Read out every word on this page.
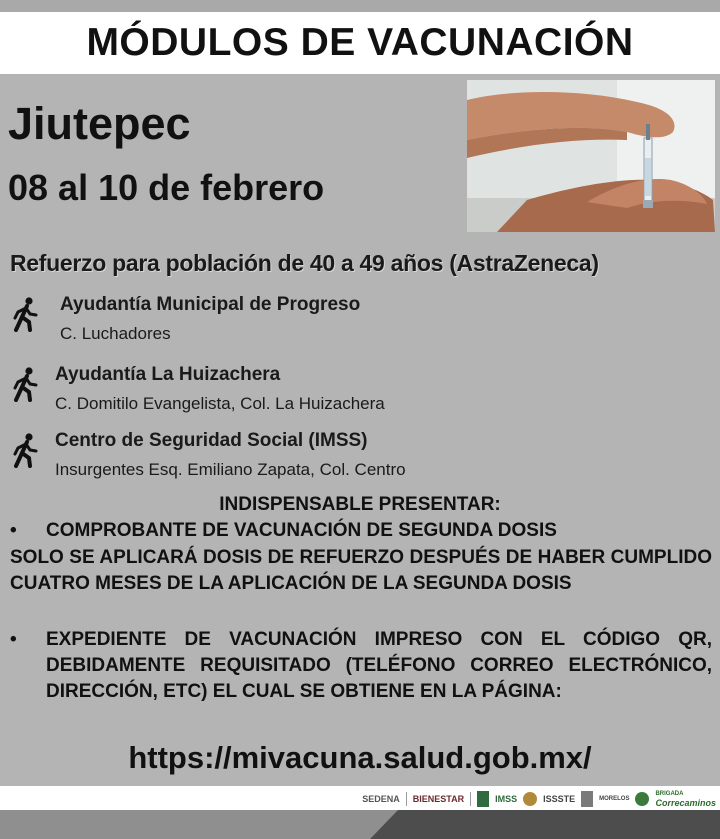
MÓDULOS DE VACUNACIÓN
Jiutepec
08 al 10 de febrero
Refuerzo para población de 40 a 49 años (AstraZeneca)
Ayudantía Municipal de Progreso
C. Luchadores
Ayudantía La Huizachera
C. Domitilo Evangelista, Col. La Huizachera
Centro de Seguridad Social (IMSS)
Insurgentes Esq. Emiliano Zapata, Col. Centro
INDISPENSABLE PRESENTAR:
• COMPROBANTE DE VACUNACIÓN DE SEGUNDA DOSIS
SOLO SE APLICARÁ DOSIS DE REFUERZO DESPUÉS DE HABER CUMPLIDO CUATRO MESES DE LA APLICACIÓN DE LA SEGUNDA DOSIS
• EXPEDIENTE DE VACUNACIÓN IMPRESO CON EL CÓDIGO QR, DEBIDAMENTE REQUISITADO (TELÉFONO CORREO ELECTRÓNICO, DIRECCIÓN, ETC) EL CUAL SE OBTIENE EN LA PÁGINA:
https://mivacuna.salud.gob.mx/
SEDENA BIENESTAR	IMSS	ISSSTE	MORELOS
BRIGADA
Correcaminos
